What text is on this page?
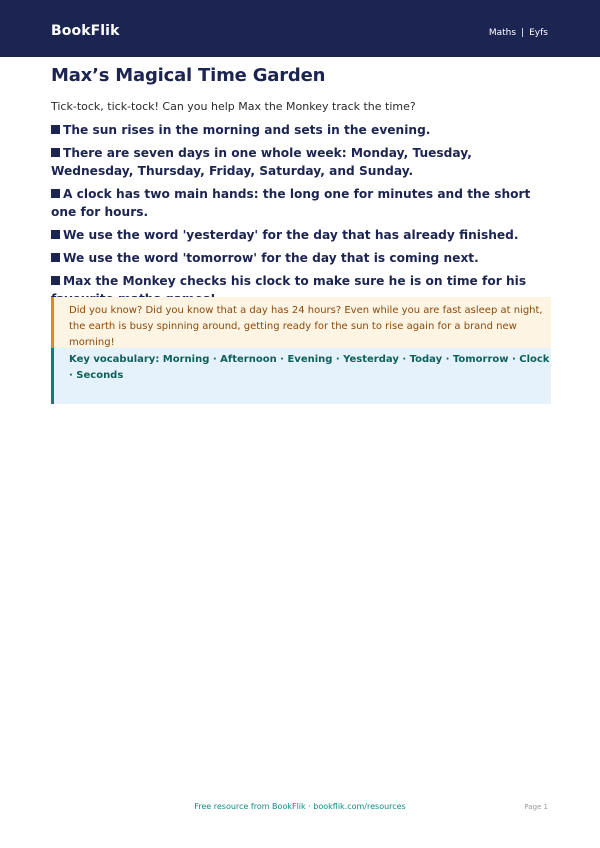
BookFlik	Maths | Eyfs
Max’s Magical Time Garden

Tick-tock, tick-tock! Can you help Max the Monkey track the time?

The sun rises in the morning and sets in the evening.
There are seven days in one whole week: Monday, Tuesday, Wednesday, Thursday, Friday, Saturday, and Sunday.
A clock has two main hands: the long one for minutes and the short one for hours.
We use the word 'yesterday' for the day that has already finished.
We use the word 'tomorrow' for the day that is coming next.
Max the Monkey checks his clock to make sure he is on time for his
Did you know? Did you know that a day has 24 hours? Even while you are fast asleep at night, the earth is busy spinning around, getting ready for the sun to rise again for a brand new morning!
Key vocabulary: Morning · Afternoon · Evening · Yesterday · Today · Tomorrow · Clock · Seconds
Free resource from BookFlik · bookflik.com/resources	Page 1
